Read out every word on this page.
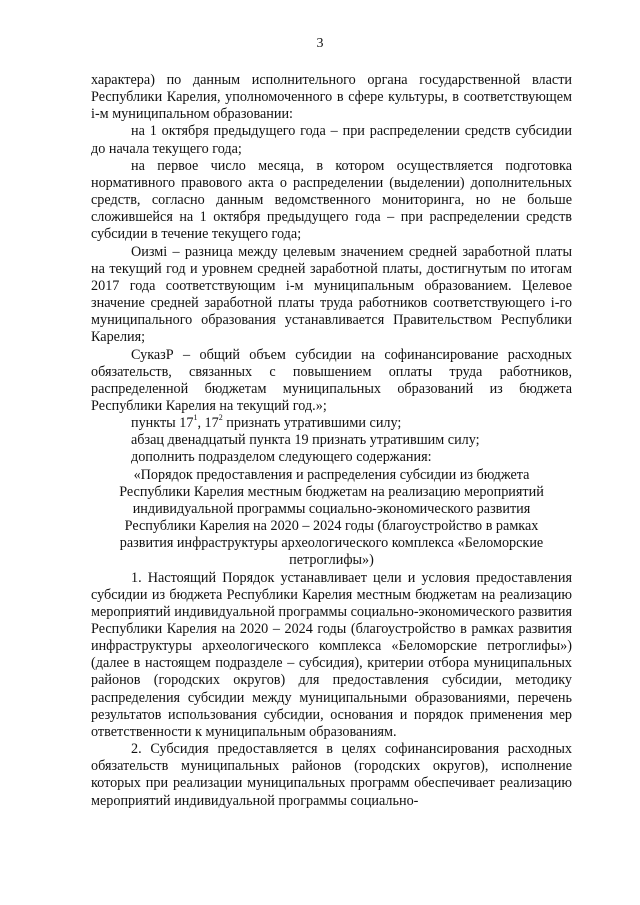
3

характера) по данным исполнительного органа государственной власти Республики Карелия, уполномоченного в сфере культуры, в соответствующем i-м муниципальном образовании:

на 1 октября предыдущего года – при распределении средств субсидии до начала текущего года;

на первое число месяца, в котором осуществляется подготовка нормативного правового акта о распределении (выделении) дополнительных средств, согласно данным ведомственного мониторинга, но не больше сложившейся на 1 октября предыдущего года – при распределении средств субсидии в течение текущего года;

Оизмi – разница между целевым значением средней заработной платы на текущий год и уровнем средней заработной платы, достигнутым по итогам 2017 года соответствующим i-м муниципальным образованием. Целевое значение средней заработной платы труда работников соответствующего i-го муниципального образования устанавливается Правительством Республики Карелия;

СуказР – общий объем субсидии на софинансирование расходных обязательств, связанных с повышением оплаты труда работников, распределенной бюджетам муниципальных образований из бюджета Республики Карелия на текущий год.»;

пункты $17^1$, $17^2$ признать утратившими силу;

абзац двенадцатый пункта 19 признать утратившим силу;

дополнить подразделом следующего содержания:

«Порядок предоставления и распределения субсидии из бюджета

Республики Карелия местным бюджетам на реализацию мероприятий

индивидуальной программы социально-экономического развития

Республики Карелия на 2020 – 2024 годы (благоустройство в рамках

развития инфраструктуры археологического комплекса «Беломорские

петроглифы»)

1. Настоящий Порядок устанавливает цели и условия предоставления субсидии из бюджета Республики Карелия местным бюджетам на реализацию мероприятий индивидуальной программы социально-экономического развития Республики Карелия на 2020 – 2024 годы (благоустройство в рамках развития инфраструктуры археологического комплекса «Беломорские петроглифы») (далее в настоящем подразделе – субсидия), критерии отбора муниципальных районов (городских округов) для предоставления субсидии, методику распределения субсидии между муниципальными образованиями, перечень результатов использования субсидии, основания и порядок применения мер ответственности к муниципальным образованиям.

2. Субсидия предоставляется в целях софинансирования расходных обязательств муниципальных районов (городских округов), исполнение которых при реализации муниципальных программ обеспечивает реализацию мероприятий индивидуальной программы социально-
